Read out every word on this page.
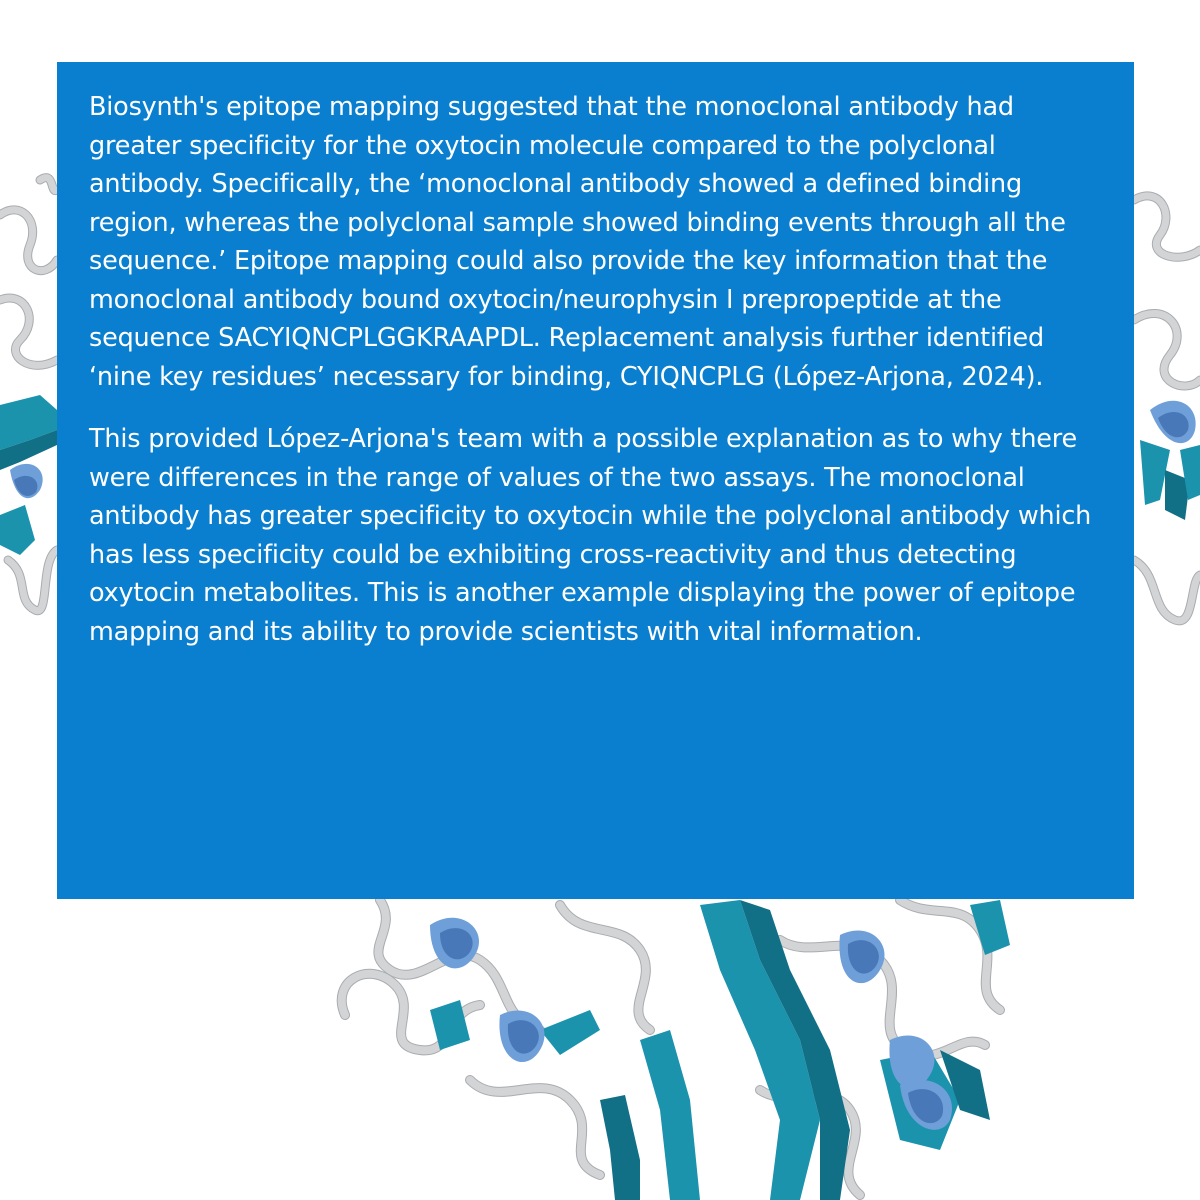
Biosynth's epitope mapping suggested that the monoclonal antibody had greater specificity for the oxytocin molecule compared to the polyclonal antibody. Specifically, the ‘monoclonal antibody showed a defined binding region, whereas the polyclonal sample showed binding events through all the sequence.’ Epitope mapping could also provide the key information that the monoclonal antibody bound oxytocin/neurophysin I prepropeptide at the sequence SACYIQNCPLGGKRAAPDL. Replacement analysis further identified ‘nine key residues’ necessary for binding, CYIQNCPLG (López-Arjona, 2024).

This provided López-Arjona's team with a possible explanation as to why there were differences in the range of values of the two assays. The monoclonal antibody has greater specificity to oxytocin while the polyclonal antibody which has less specificity could be exhibiting cross-reactivity and thus detecting oxytocin metabolites. This is another example displaying the power of epitope mapping and its ability to provide scientists with vital information.
